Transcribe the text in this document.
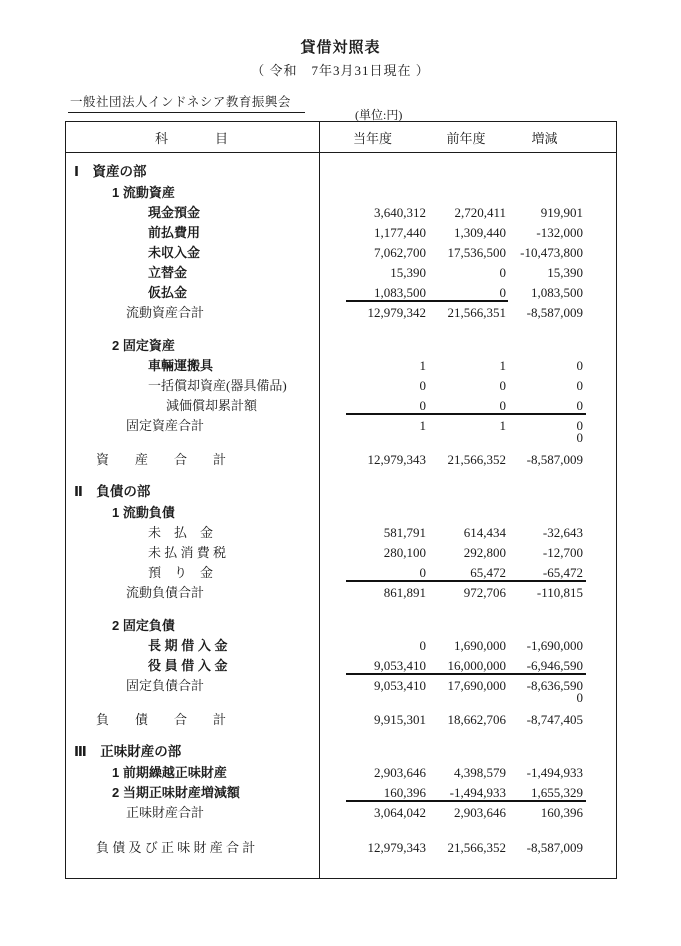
貸借対照表
（ 令和　7年3月31日現在 ）
一般社団法人インドネシア教育振興会
(単位:円)
科　　　目	当年度	前年度	増減
Ⅰ　資産の部
1 流動資産
現金預金	3,640,312	2,720,411	919,901
前払費用	1,177,440	1,309,440	-132,000
未収入金	7,062,700	17,536,500	-10,473,800
立替金	15,390	0	15,390
仮払金	1,083,500	0	1,083,500
流動資産合計	12,979,342	21,566,351	-8,587,009
2 固定資産
車輛運搬具	1	1	0
一括償却資産(器具備品)	0	0	0
減価償却累計額	0	0	0
固定資産合計	1	1	0
0
資　　産　　合　　計	12,979,343	21,566,352	-8,587,009
Ⅱ　負債の部
1 流動負債
未　払　金	581,791	614,434	-32,643
未 払 消 費 税	280,100	292,800	-12,700
預　り　金	0	65,472	-65,472
流動負債合計	861,891	972,706	-110,815
2 固定負債
長 期 借 入 金	0	1,690,000	-1,690,000
役 員 借 入 金	9,053,410	16,000,000	-6,946,590
固定負債合計	9,053,410	17,690,000	-8,636,590
0
負　　債　　合　　計	9,915,301	18,662,706	-8,747,405
Ⅲ　正味財産の部
1 前期繰越正味財産	2,903,646	4,398,579	-1,494,933
2 当期正味財産増減額	160,396	-1,494,933	1,655,329
正味財産合計	3,064,042	2,903,646	160,396
負 債 及 び 正 味 財 産 合 計	12,979,343	21,566,352	-8,587,009
